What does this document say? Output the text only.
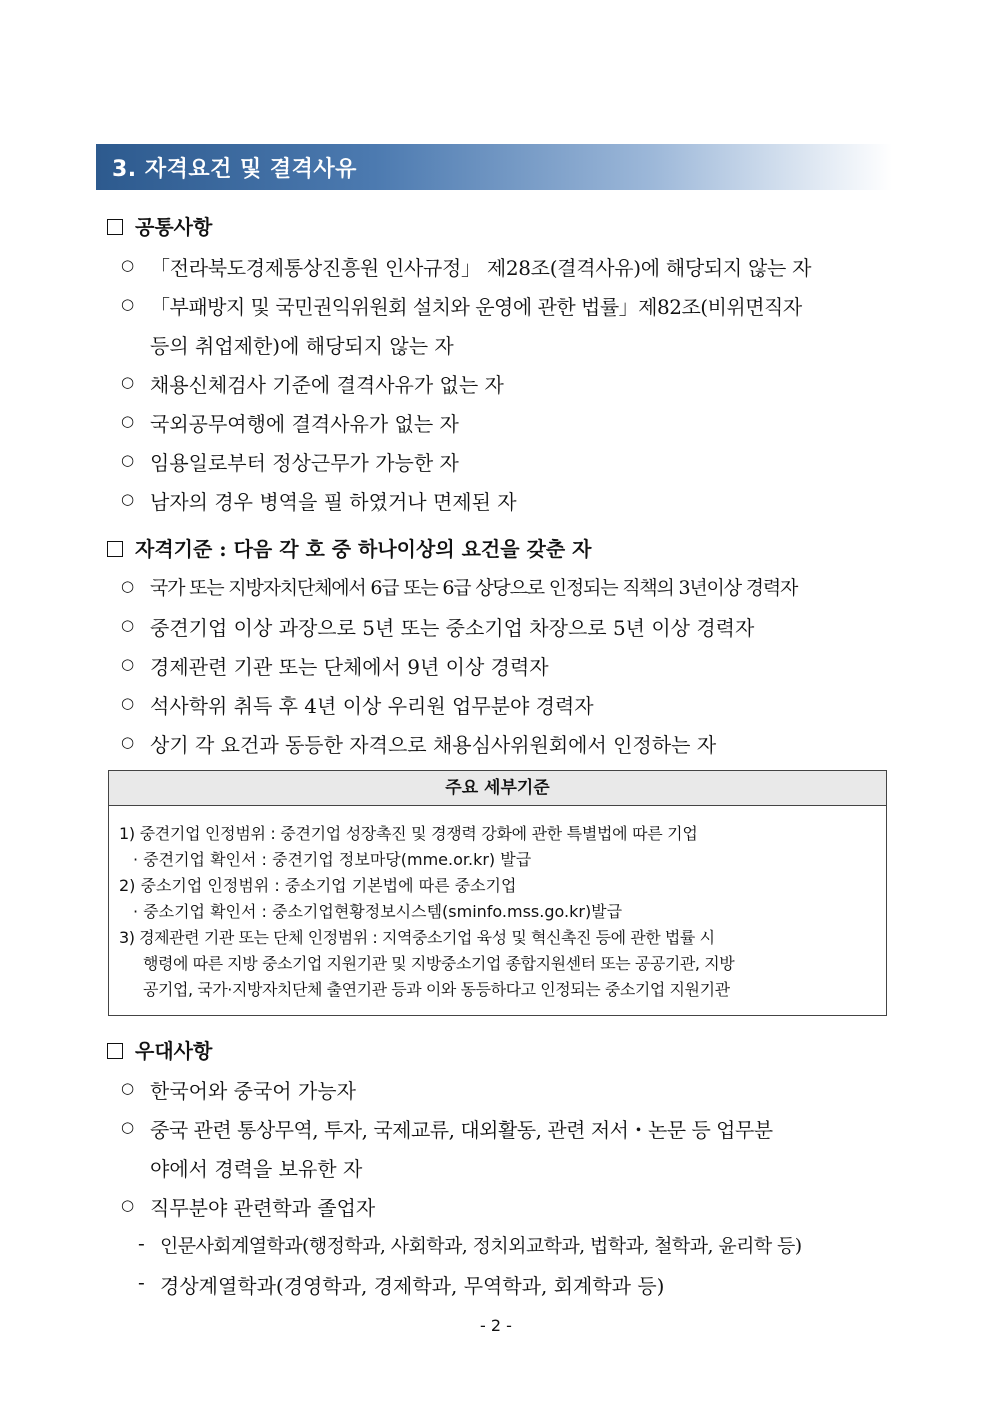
3. 자격요건 및 결격사유
공통사항
○ 「전라북도경제통상진흥원 인사규정」 제28조(결격사유)에 해당되지 않는 자
○ 「부패방지 및 국민권익위원회 설치와 운영에 관한 법률」제82조(비위면직자
등의 취업제한)에 해당되지 않는 자
○ 채용신체검사 기준에 결격사유가 없는 자
○ 국외공무여행에 결격사유가 없는 자
○ 임용일로부터 정상근무가 가능한 자
○ 남자의 경우 병역을 필 하였거나 면제된 자
자격기준 : 다음 각 호 중 하나이상의 요건을 갖춘 자
○ 국가 또는 지방자치단체에서 6급 또는 6급 상당으로 인정되는 직책의 3년이상 경력자
○ 중견기업 이상 과장으로 5년 또는 중소기업 차장으로 5년 이상 경력자
○ 경제관련 기관 또는 단체에서 9년 이상 경력자
○ 석사학위 취득 후 4년 이상 우리원 업무분야 경력자
○ 상기 각 요건과 동등한 자격으로 채용심사위원회에서 인정하는 자
주요 세부기준
1) 중견기업 인정범위 : 중견기업 성장촉진 및 경쟁력 강화에 관한 특별법에 따른 기업
· 중견기업 확인서 : 중견기업 정보마당(mme.or.kr) 발급
2) 중소기업 인정범위 : 중소기업 기본법에 따른 중소기업
· 중소기업 확인서 : 중소기업현황정보시스템(sminfo.mss.go.kr)발급
3) 경제관련 기관 또는 단체 인정범위 : 지역중소기업 육성 및 혁신촉진 등에 관한 법률 시
행령에 따른 지방 중소기업 지원기관 및 지방중소기업 종합지원센터 또는 공공기관, 지방
공기업, 국가·지방자치단체 출연기관 등과 이와 동등하다고 인정되는 중소기업 지원기관
우대사항
○ 한국어와 중국어 가능자
○ 중국 관련 통상무역, 투자, 국제교류, 대외활동, 관련 저서・논문 등 업무분
야에서 경력을 보유한 자
○ 직무분야 관련학과 졸업자
- 인문사회계열학과(행정학과, 사회학과, 정치외교학과, 법학과, 철학과, 윤리학 등)
- 경상계열학과(경영학과, 경제학과, 무역학과, 회계학과 등)
- 2 -
